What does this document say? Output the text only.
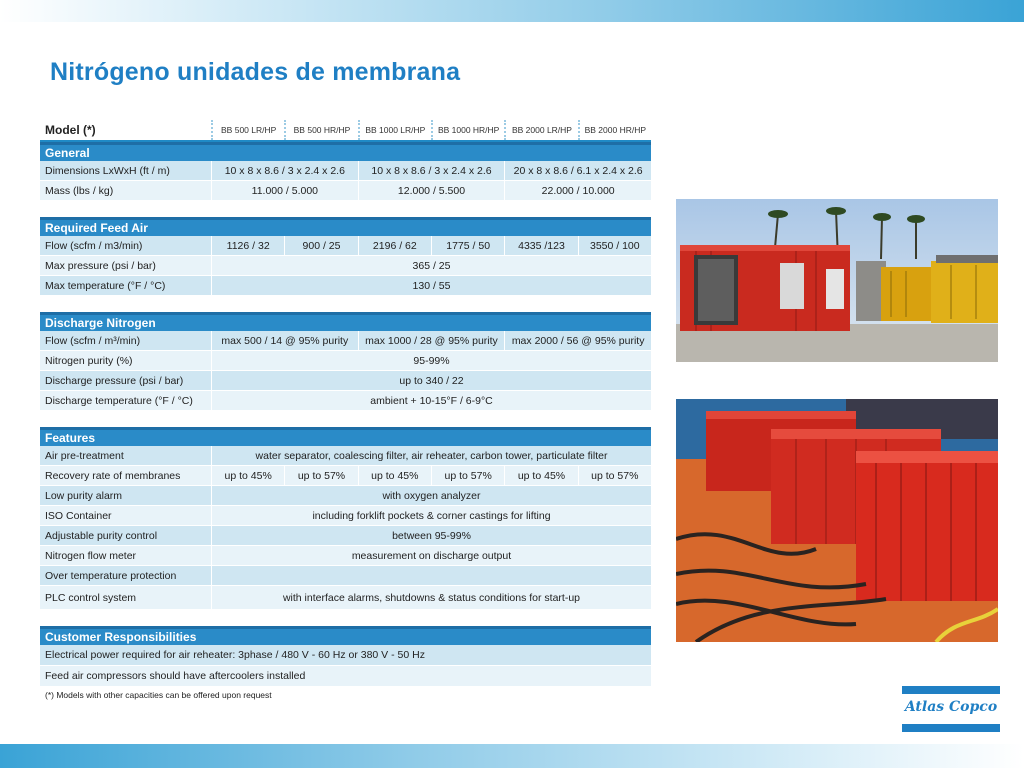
Nitrógeno unidades de membrana
Model (*)	BB 500 LR/HP	BB 500 HR/HP	BB 1000 LR/HP	BB 1000 HR/HP	BB 2000 LR/HP	BB 2000 HR/HP
General
Dimensions LxWxH (ft / m)	10 x 8 x 8.6 / 3 x 2.4 x 2.6	10 x 8 x 8.6 / 3 x 2.4 x 2.6	20 x 8 x 8.6 / 6.1 x 2.4 x 2.6
Mass (lbs / kg)	11.000 / 5.000	12.000 / 5.500	22.000 / 10.000
Required Feed Air
Flow (scfm / m3/min)	1126 / 32	900 / 25	2196 / 62	1775 / 50	4335 /123	3550 / 100
Max pressure (psi / bar)	365 / 25
Max temperature (°F / °C)	130 / 55
Discharge Nitrogen
Flow (scfm / m³/min)	max 500 / 14 @ 95% purity	max 1000 / 28 @ 95% purity	max 2000 / 56 @ 95% purity
Nitrogen purity (%)	95-99%
Discharge pressure (psi / bar)	up to 340 / 22
Discharge temperature (°F / °C)	ambient + 10-15°F / 6-9°C
Features
Air pre-treatment	water separator, coalescing filter, air reheater, carbon tower, particulate filter
Recovery rate of membranes	up to 45%	up to 57%	up to 45%	up to 57%	up to 45%	up to 57%
Low purity alarm	with oxygen analyzer
ISO Container	including forklift pockets & corner castings for lifting
Adjustable purity control	between 95-99%
Nitrogen flow meter	measurement on discharge output
Over temperature protection
PLC control system	with interface alarms, shutdowns & status conditions for start-up
Customer Responsibilities
Electrical power required for air reheater: 3phase / 480 V - 60 Hz or 380 V - 50 Hz
Feed air compressors should have aftercoolers installed
(*) Models with other capacities can be offered upon request
Atlas Copco
